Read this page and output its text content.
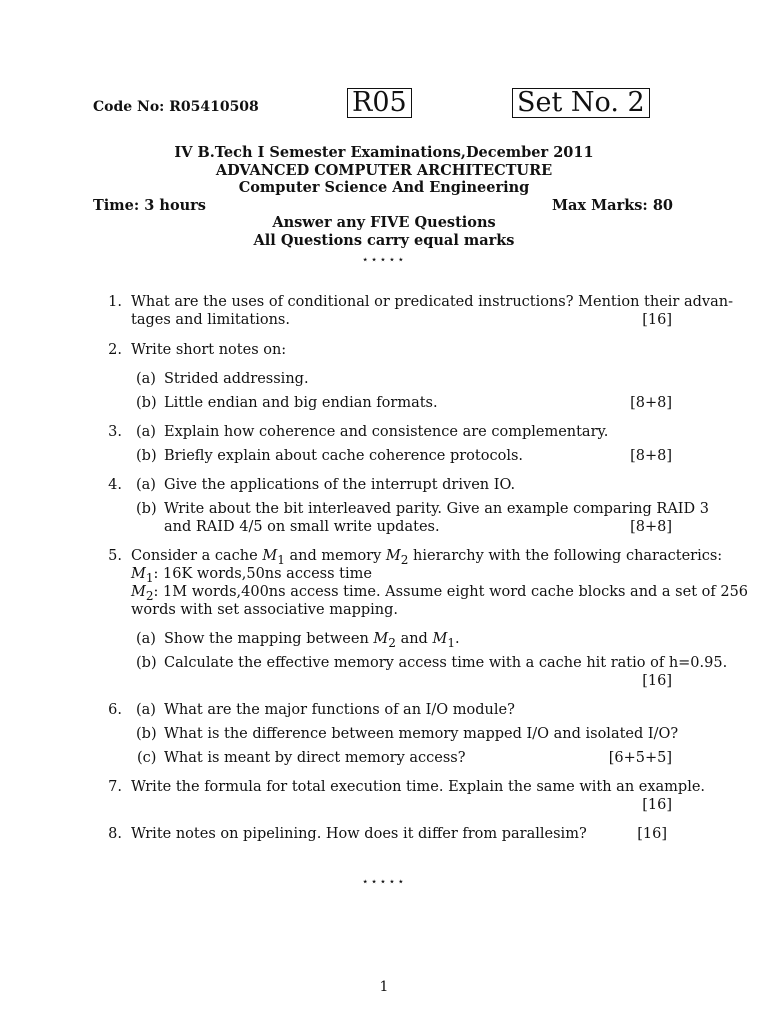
Code No: R05410508	R05	Set No. 2
IV B.Tech I Semester Examinations,December 2011
ADVANCED COMPUTER ARCHITECTURE
Computer Science And Engineering
Time: 3 hours	Max Marks: 80
Answer any FIVE Questions
All Questions carry equal marks
⋆⋆⋆⋆⋆
1. What are the uses of conditional or predicated instructions? Mention their advan-
tages and limitations.	[16]
2. Write short notes on:
(a) Strided addressing.
(b) Little endian and big endian formats.	[8+8]
3. (a) Explain how coherence and consistence are complementary.
(b) Briefly explain about cache coherence protocols.	[8+8]
4. (a) Give the applications of the interrupt driven IO.
(b) Write about the bit interleaved parity. Give an example comparing RAID 3
and RAID 4/5 on small write updates.	[8+8]
5. Consider a cache $M_1$ and memory $M_2$ hierarchy with the following characterics:
$M_1$: 16K words,50ns access time
$M_2$: 1M words,400ns access time. Assume eight word cache blocks and a set of 256
words with set associative mapping.
(a) Show the mapping between $M_2$ and $M_1$.
(b) Calculate the effective memory access time with a cache hit ratio of h=0.95.
[16]
6. (a) What are the major functions of an I/O module?
(b) What is the difference between memory mapped I/O and isolated I/O?
(c) What is meant by direct memory access?	[6+5+5]
7. Write the formula for total execution time. Explain the same with an example.
[16]
8. Write notes on pipelining. How does it differ from parallesim?	[16]
⋆⋆⋆⋆⋆
1
